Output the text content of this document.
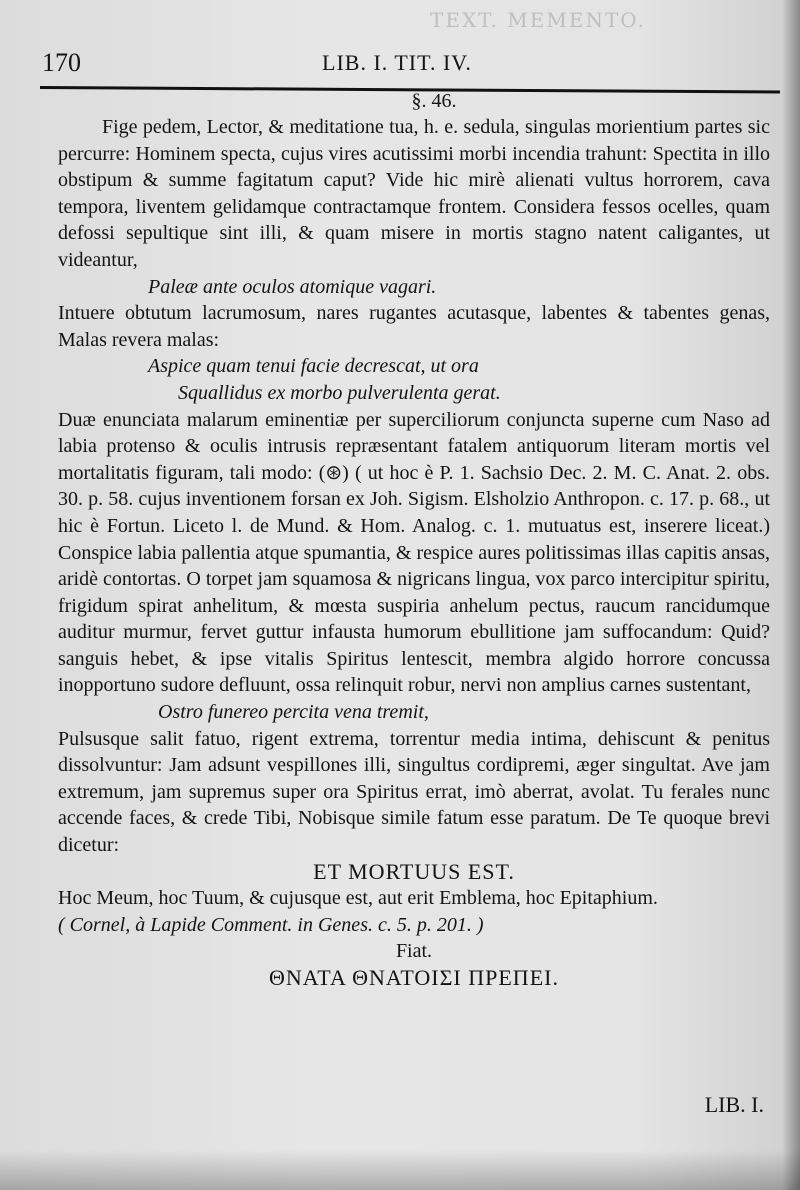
TEXT. MEMENTO.
170	LIB. I. TIT. IV.
§. 46.

Fige pedem, Lector, & meditatione tua, h. e. sedula, singulas morientium partes sic percurre: Hominem specta, cujus vires acutissimi morbi incendia trahunt: Spectita in illo obstipum & summe fagitatum caput? Vide hic mirè alienati vultus horrorem, cava tempora, liventem gelidamque contractamque frontem. Considera fessos ocelles, quam defossi sepultique sint illi, & quam misere in mortis stagno natent caligantes, ut videantur,

Paleæ ante oculos atomique vagari.

Intuere obtutum lacrumosum, nares rugantes acutasque, labentes & tabentes genas, Malas revera malas:

Aspice quam tenui facie decrescat, ut ora

Squallidus ex morbo pulverulenta gerat.

Duæ enunciata malarum eminentiæ per superciliorum conjuncta superne cum Naso ad labia protenso & oculis intrusis repræsentant fatalem antiquorum literam mortis vel mortalitatis figuram, tali modo: (⊛) ( ut hoc è P. 1. Sachsio Dec. 2. M. C. Anat. 2. obs. 30. p. 58. cujus inventionem forsan ex Joh. Sigism. Elsholzio Anthropon. c. 17. p. 68., ut hic è Fortun. Liceto l. de Mund. & Hom. Analog. c. 1. mutuatus est, inserere liceat.) Conspice labia pallentia atque spumantia, & respice aures politissimas illas capitis ansas, aridè contortas. O torpet jam squamosa & nigricans lingua, vox parco intercipitur spiritu, frigidum spirat anhelitum, & mœsta suspiria anhelum pectus, raucum rancidumque auditur murmur, fervet guttur infausta humorum ebullitione jam suffocandum: Quid? sanguis hebet, & ipse vitalis Spiritus lentescit, membra algido horrore concussa inopportuno sudore defluunt, ossa relinquit robur, nervi non amplius carnes sustentant,

Ostro funereo percita vena tremit,

Pulsusque salit fatuo, rigent extrema, torrentur media intima, dehiscunt & penitus dissolvuntur: Jam adsunt vespillones illi, singultus cordipremi, æger singultat. Ave jam extremum, jam supremus super ora Spiritus errat, imò aberrat, avolat. Tu ferales nunc accende faces, & crede Tibi, Nobisque simile fatum esse paratum. De Te quoque brevi dicetur:

ET MORTUUS EST.

Hoc Meum, hoc Tuum, & cujusque est, aut erit Emblema, hoc Epitaphium.

( Cornel, à Lapide Comment. in Genes. c. 5. p. 201. )

Fiat.

ΘΝΑΤΑ ΘΝΑΤΟΙΣΙ ΠΡΕΠΕΙ.

LIB. I.
